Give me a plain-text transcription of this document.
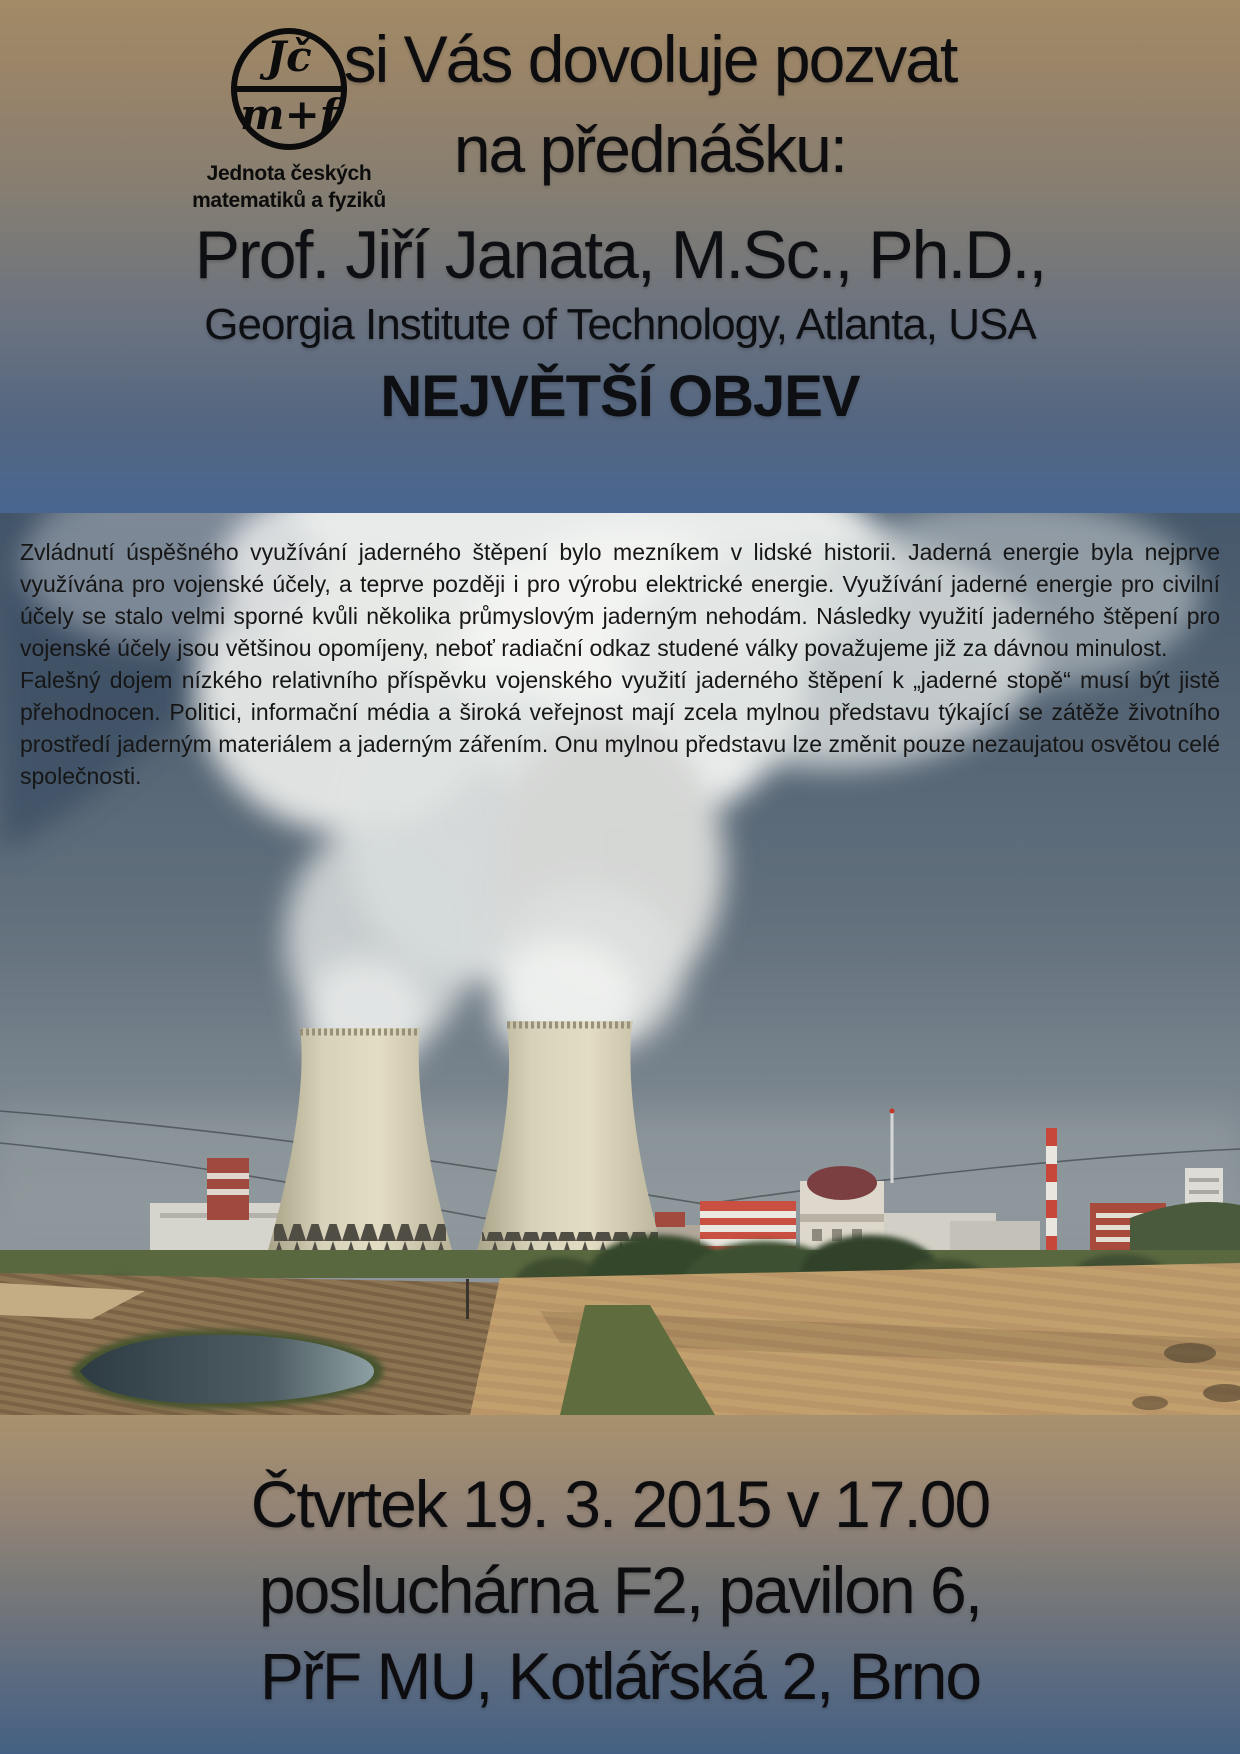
Jč
m+f
Jednota českých
matematiků a fyziků
si Vás dovoluje pozvat
na přednášku:
Prof. Jiří Janata, M.Sc., Ph.D.,
Georgia Institute of Technology, Atlanta, USA
NEJVĚTŠÍ OBJEV

Zvládnutí úspěšného využívání jaderného štěpení bylo mezníkem v lidské historii. Jaderná energie byla nejprve využívána pro vojenské účely, a teprve později i pro výrobu elektrické energie. Využívání jaderné energie pro civilní účely se stalo velmi sporné kvůli několika průmyslovým jaderným nehodám. Následky využití jaderného štěpení pro vojenské účely jsou většinou opomíjeny, neboť radiační odkaz studené války považujeme již za dávnou minulost.

Falešný dojem nízkého relativního příspěvku vojenského využití jaderného štěpení k „jaderné stopě“ musí být jistě přehodnocen. Politici, informační média a široká veřejnost mají zcela mylnou představu týkající se zátěže životního prostředí jaderným materiálem a jaderným zářením. Onu mylnou představu lze změnit pouze nezaujatou osvětou celé společnosti.

Čtvrtek 19. 3. 2015 v 17.00
posluchárna F2, pavilon 6,
PřF MU, Kotlářská 2, Brno
